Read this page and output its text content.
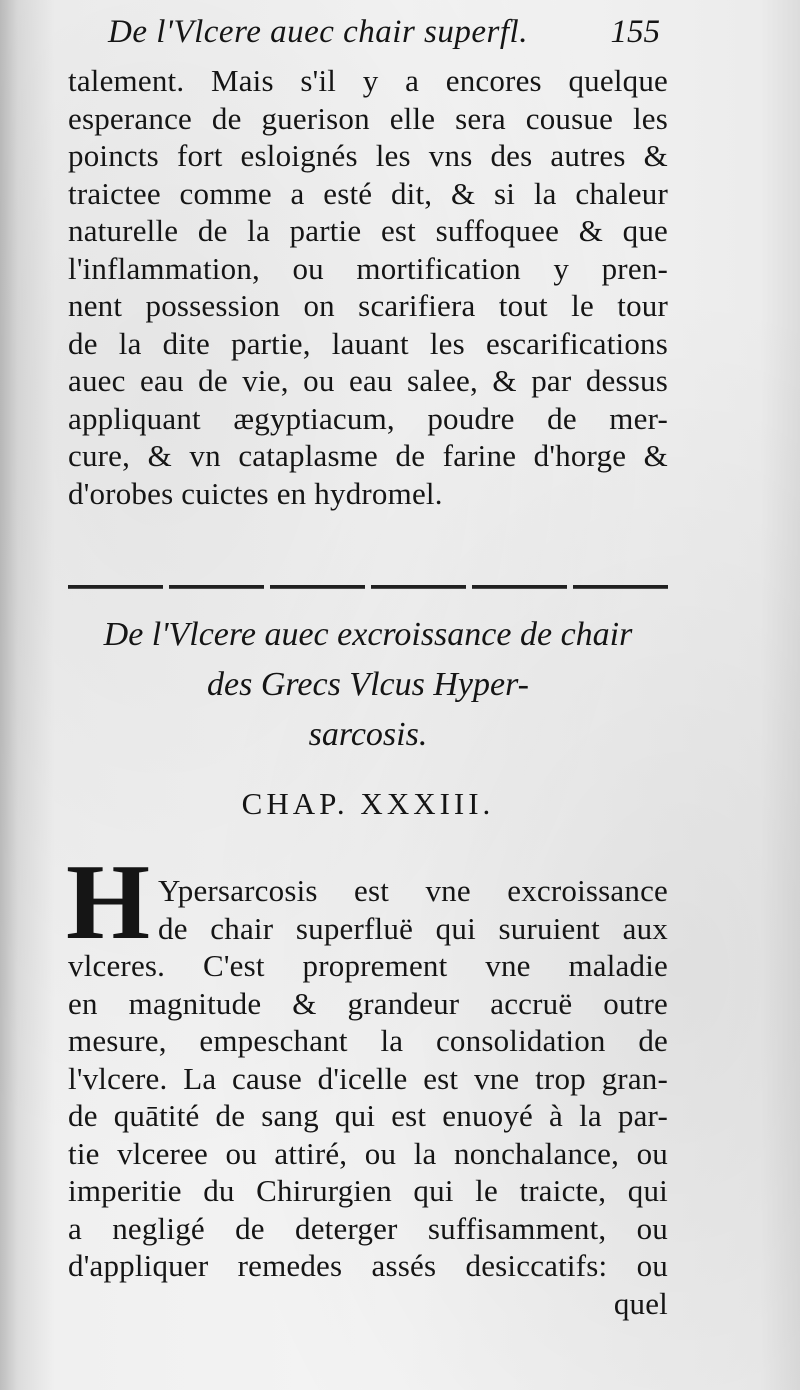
De l'Vlcere auec chair superfl.	155
talement. Mais s'il y a encores quelque
esperance de guerison elle sera cousue les
poincts fort esloignés les vns des autres &
traictee comme a esté dit, & si la chaleur
naturelle de la partie est suffoquee & que
l'inflammation, ou mortification y pren-
nent possession on scarifiera tout le tour
de la dite partie, lauant les escarifications
auec eau de vie, ou eau salee, & par dessus
appliquant ægyptiacum, poudre de mer-
cure, & vn cataplasme de farine d'horge &
d'orobes cuictes en hydromel.
De l'Vlcere auec excroissance de chair
des Grecs Vlcus Hyper-
sarcosis.
CHAP. XXXIII.
H Ypersarcosis est vne excroissance
de chair superfluë qui suruient aux
vlceres. C'est proprement vne maladie
en magnitude & grandeur accruë outre
mesure, empeschant la consolidation de
l'vlcere. La cause d'icelle est vne trop gran-
de quātité de sang qui est enuoyé à la par-
tie vlceree ou attiré, ou la nonchalance, ou
imperitie du Chirurgien qui le traicte, qui
a negligé de deterger suffisamment, ou
d'appliquer remedes assés desiccatifs: ou
quel
